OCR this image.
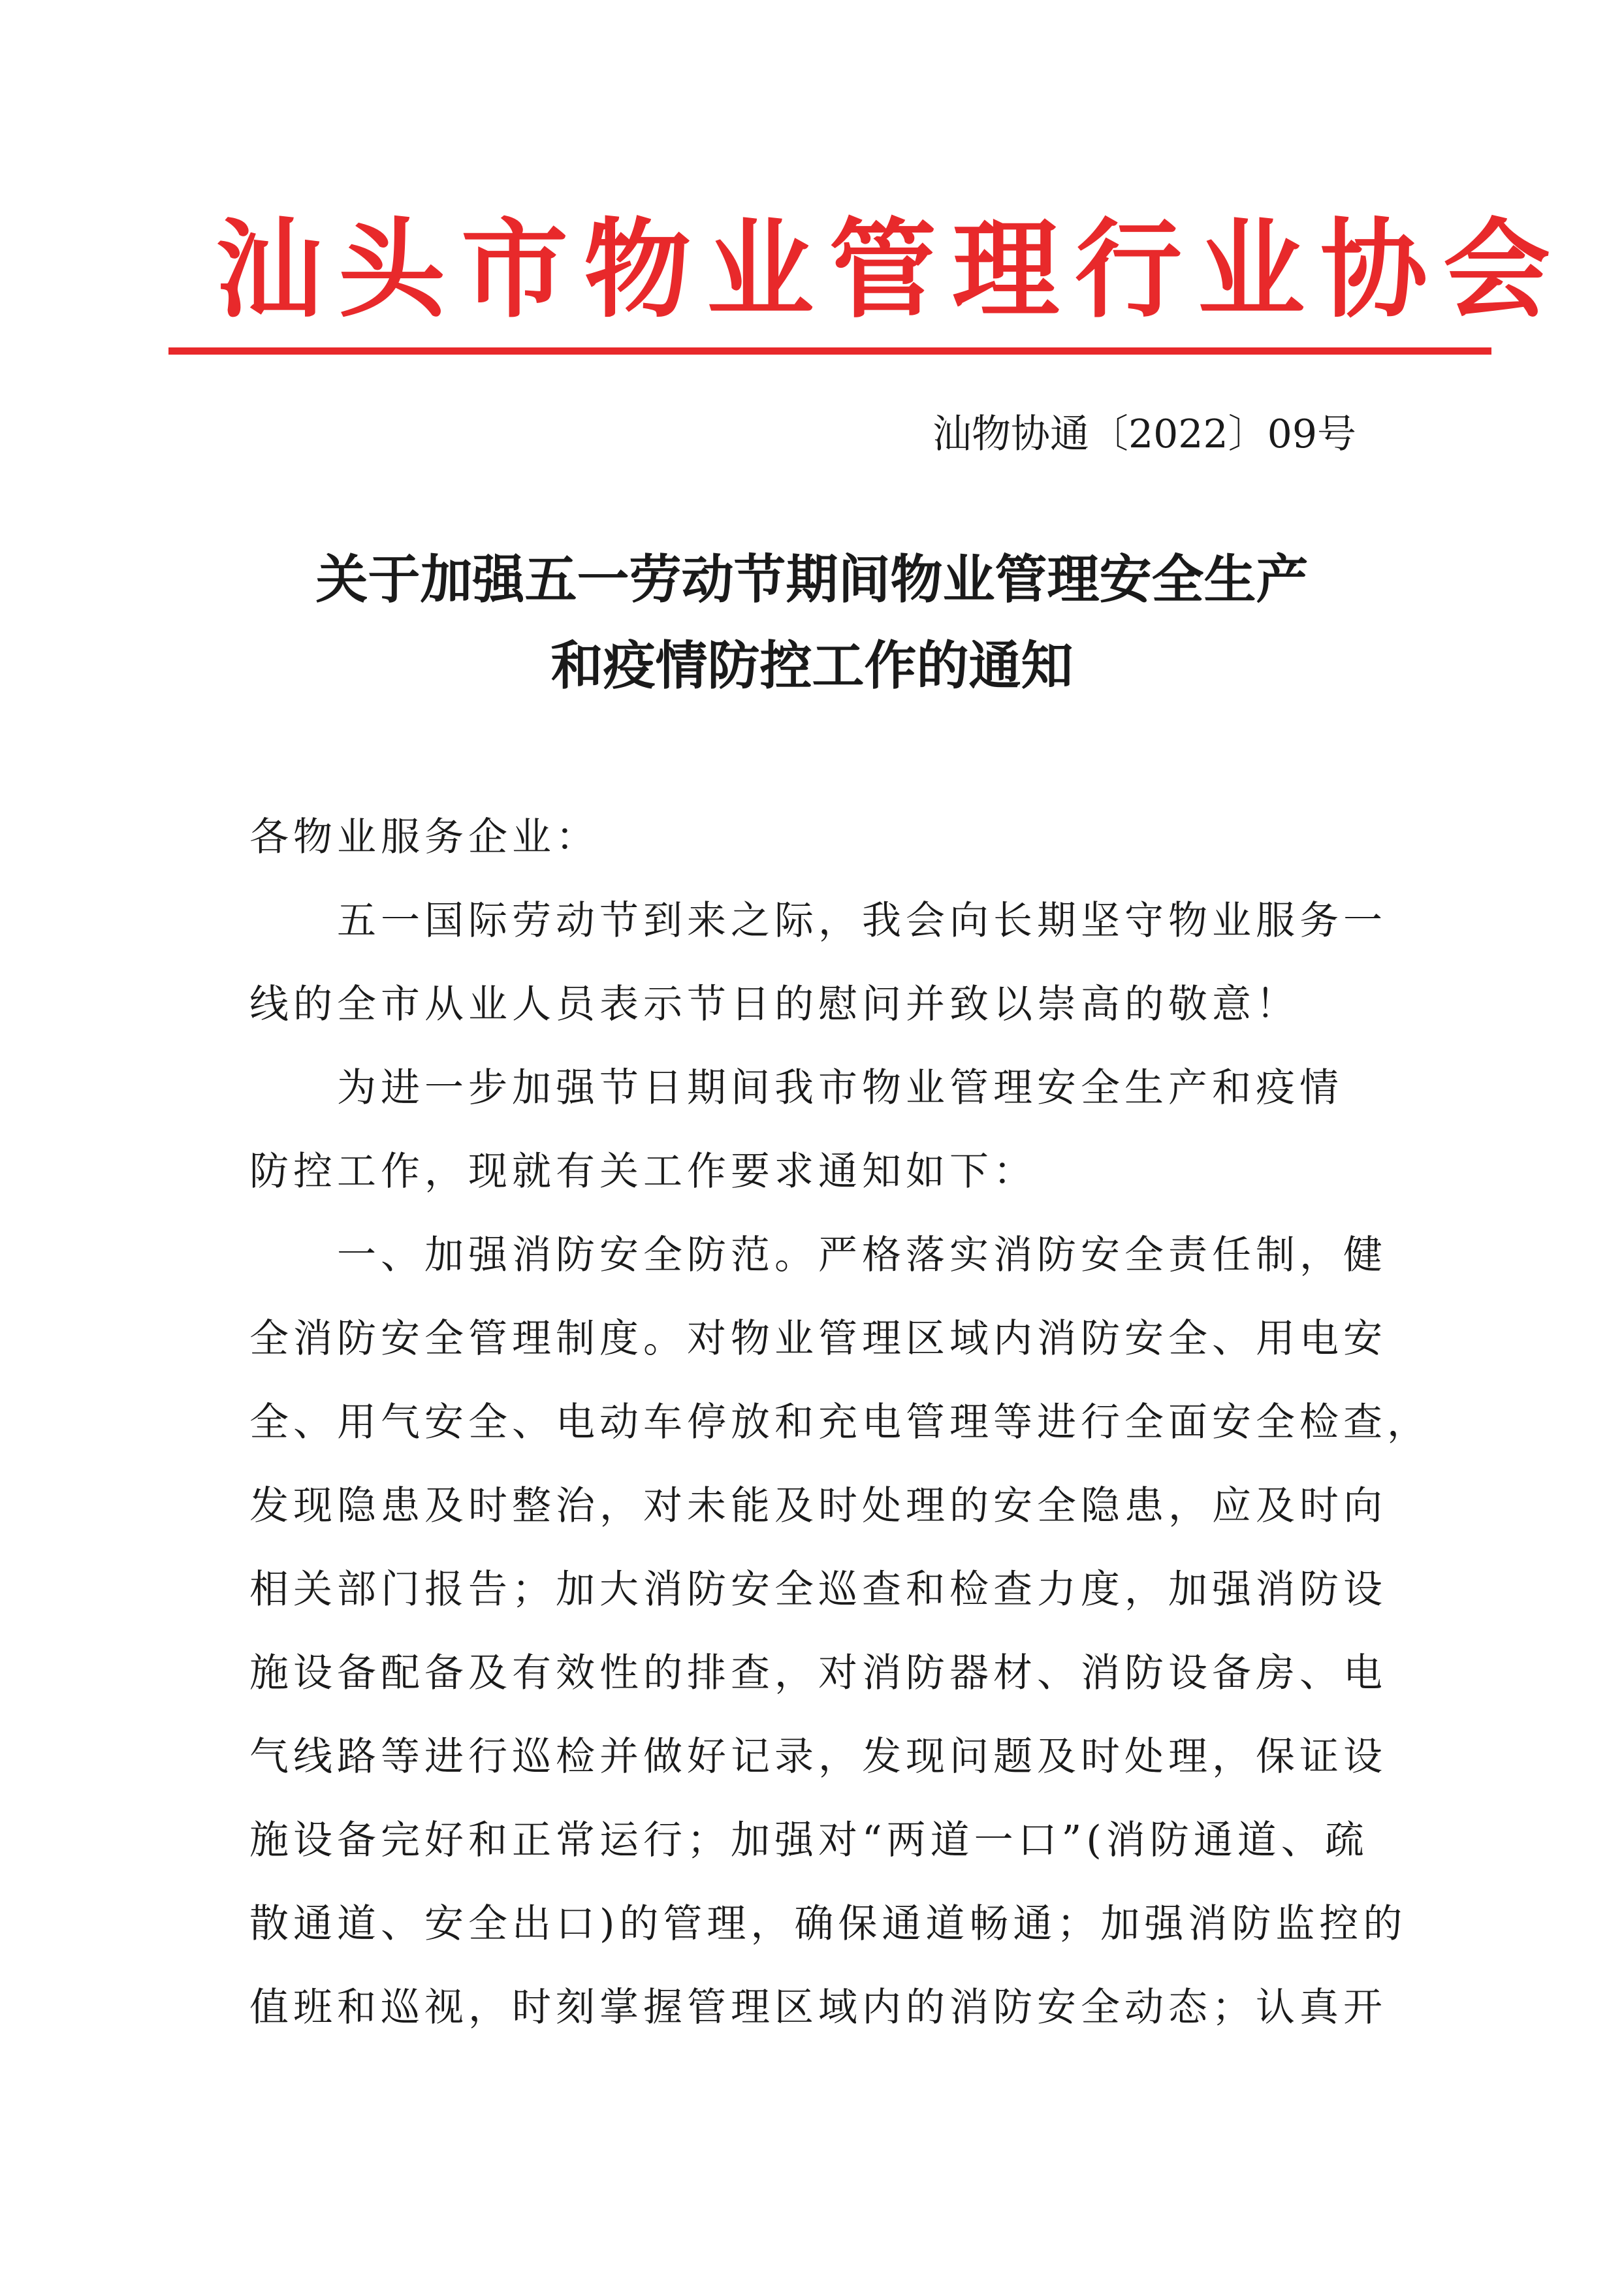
汕头市物业管理行业协会
汕物协通〔2022〕09号
关于加强五一劳动节期间物业管理安全生产
和疫情防控工作的通知
各物业服务企业：
　　五一国际劳动节到来之际，我会向长期坚守物业服务一
线的全市从业人员表示节日的慰问并致以崇高的敬意！
　　为进一步加强节日期间我市物业管理安全生产和疫情
防控工作，现就有关工作要求通知如下：
　　一、加强消防安全防范。严格落实消防安全责任制，健
全消防安全管理制度。对物业管理区域内消防安全、用电安
全、用气安全、电动车停放和充电管理等进行全面安全检查，
发现隐患及时整治，对未能及时处理的安全隐患，应及时向
相关部门报告；加大消防安全巡查和检查力度，加强消防设
施设备配备及有效性的排查，对消防器材、消防设备房、电
气线路等进行巡检并做好记录，发现问题及时处理，保证设
施设备完好和正常运行；加强对“两道一口”(消防通道、疏
散通道、安全出口)的管理，确保通道畅通；加强消防监控的
值班和巡视，时刻掌握管理区域内的消防安全动态；认真开
